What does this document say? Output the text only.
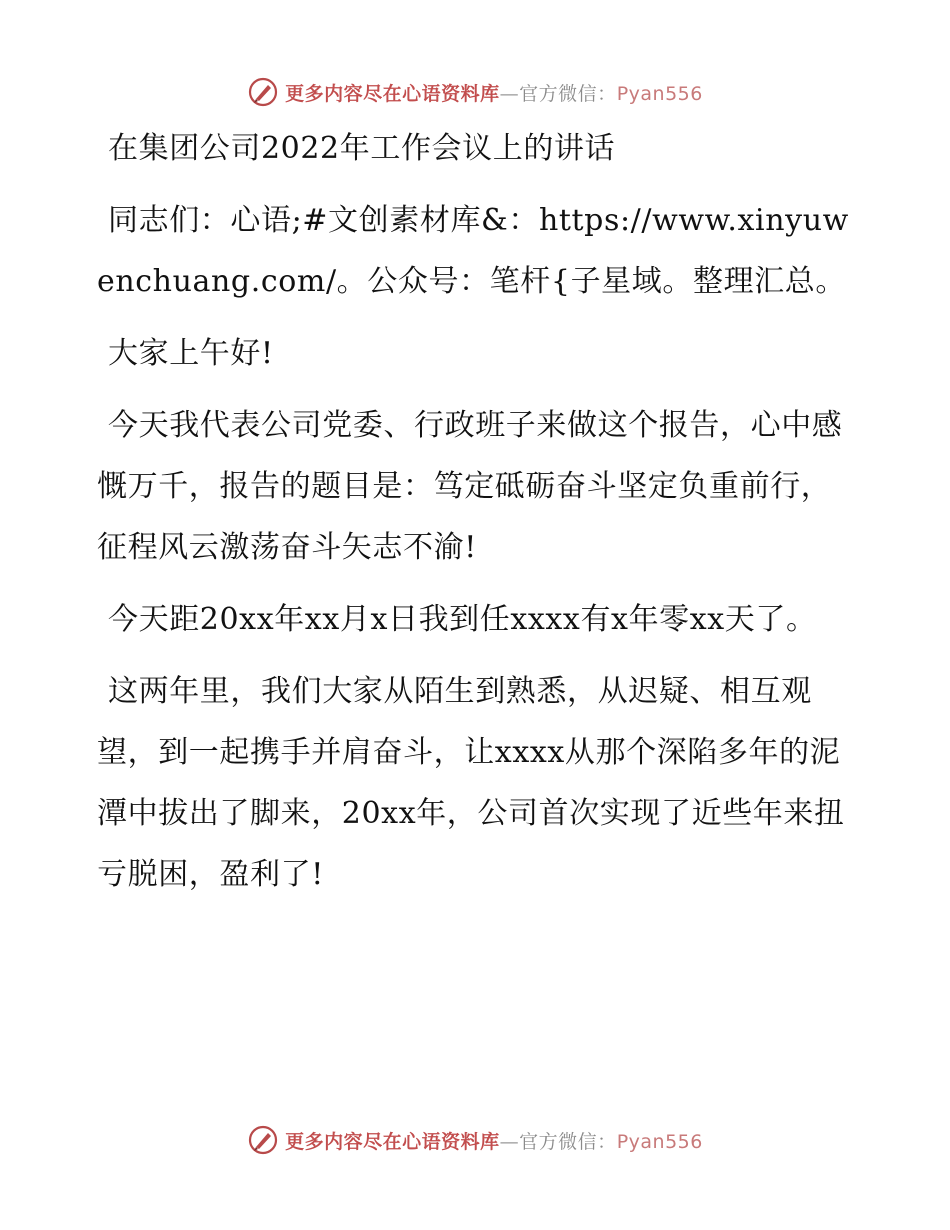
更多内容尽在心语资料库—官方微信：Pyan556

在集团公司2022年工作会议上的讲话

同志们：心语;#文创素材库&：https://www.xinyuwenchuang.com/。公众号：笔杆{子星域。整理汇总。

大家上午好!

今天我代表公司党委、行政班子来做这个报告，心中感慨万千，报告的题目是：笃定砥砺奋斗坚定负重前行，征程风云激荡奋斗矢志不渝!

今天距20xx年xx月x日我到任xxxx有x年零xx天了。

这两年里，我们大家从陌生到熟悉，从迟疑、相互观望，到一起携手并肩奋斗，让xxxx从那个深陷多年的泥潭中拔出了脚来，20xx年，公司首次实现了近些年来扭亏脱困，盈利了!

更多内容尽在心语资料库—官方微信：Pyan556
